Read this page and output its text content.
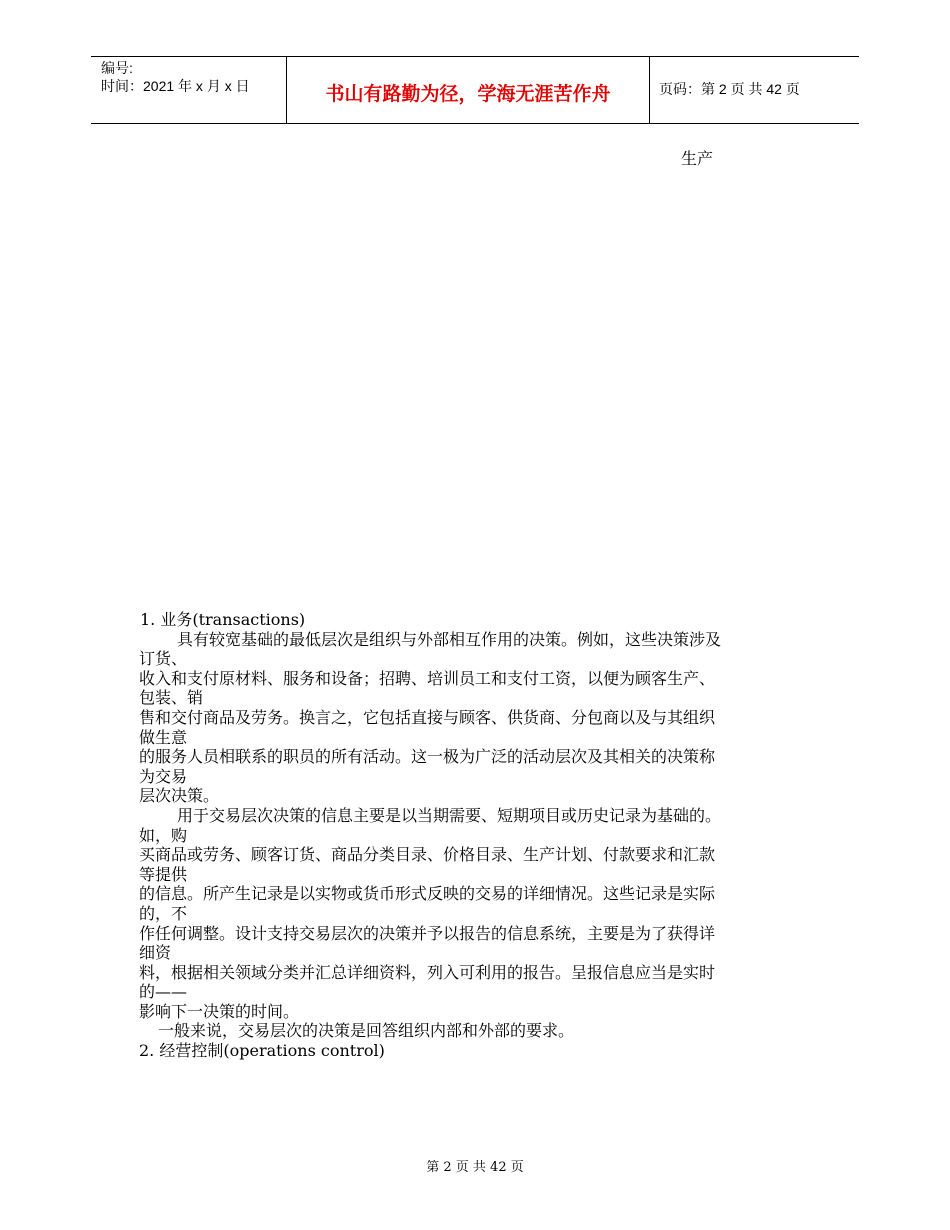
编号:
时间：2021 年 x 月 x 日	书山有路勤为径，学海无涯苦作舟	页码：第 2 页 共 42 页
生产
1. 业务(transactions)
具有较宽基础的最低层次是组织与外部相互作用的决策。例如，这些决策涉及
订货、
收入和支付原材料、服务和设备；招聘、培训员工和支付工资，以便为顾客生产、
包装、销
售和交付商品及劳务。换言之，它包括直接与顾客、供货商、分包商以及与其组织
做生意
的服务人员相联系的职员的所有活动。这一极为广泛的活动层次及其相关的决策称
为交易
层次决策。
用于交易层次决策的信息主要是以当期需要、短期项目或历史记录为基础的。
如，购
买商品或劳务、顾客订货、商品分类目录、价格目录、生产计划、付款要求和汇款
等提供
的信息。所产生记录是以实物或货币形式反映的交易的详细情况。这些记录是实际
的，不
作任何调整。设计支持交易层次的决策并予以报告的信息系统，主要是为了获得详
细资
料，根据相关领域分类并汇总详细资料，列入可利用的报告。呈报信息应当是实时
的——
影响下一决策的时间。
一般来说，交易层次的决策是回答组织内部和外部的要求。
2. 经营控制(operations control)
第 2 页 共 42 页
